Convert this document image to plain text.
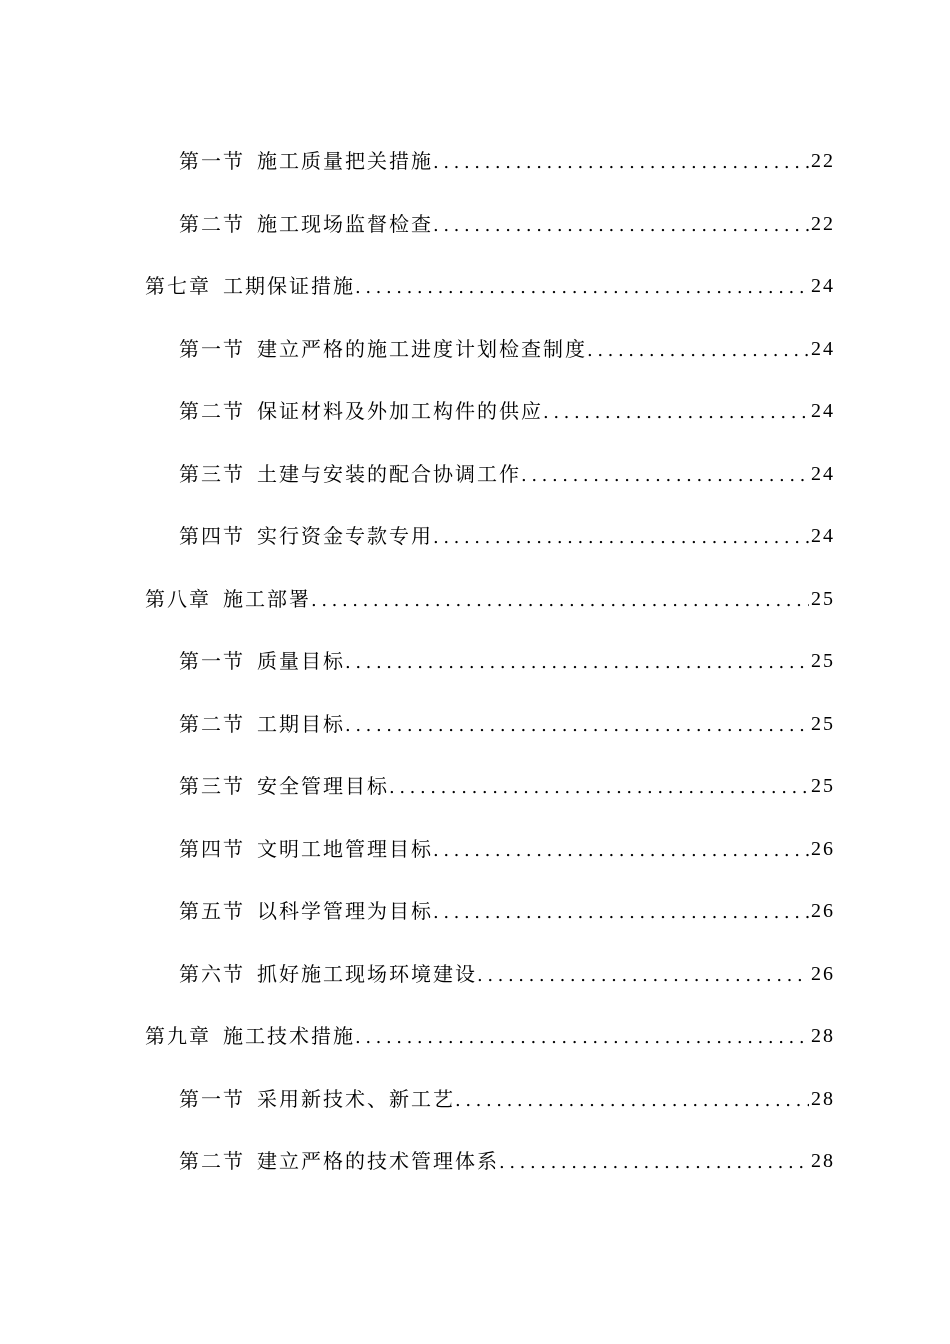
第一节 施工质量把关措施 .....	22
第二节 施工现场监督检查 .....	22
第七章 工期保证措施 .....	24
第一节 建立严格的施工进度计划检查制度 .....	24
第二节 保证材料及外加工构件的供应 .....	24
第三节 土建与安装的配合协调工作 .....	24
第四节 实行资金专款专用 .....	24
第八章 施工部署 .....	25
第一节 质量目标 .....	25
第二节 工期目标 .....	25
第三节 安全管理目标 .....	25
第四节 文明工地管理目标 .....	26
第五节 以科学管理为目标 .....	26
第六节 抓好施工现场环境建设 .....	26
第九章 施工技术措施 .....	28
第一节 采用新技术、新工艺 .....	28
第二节 建立严格的技术管理体系 .....	28
